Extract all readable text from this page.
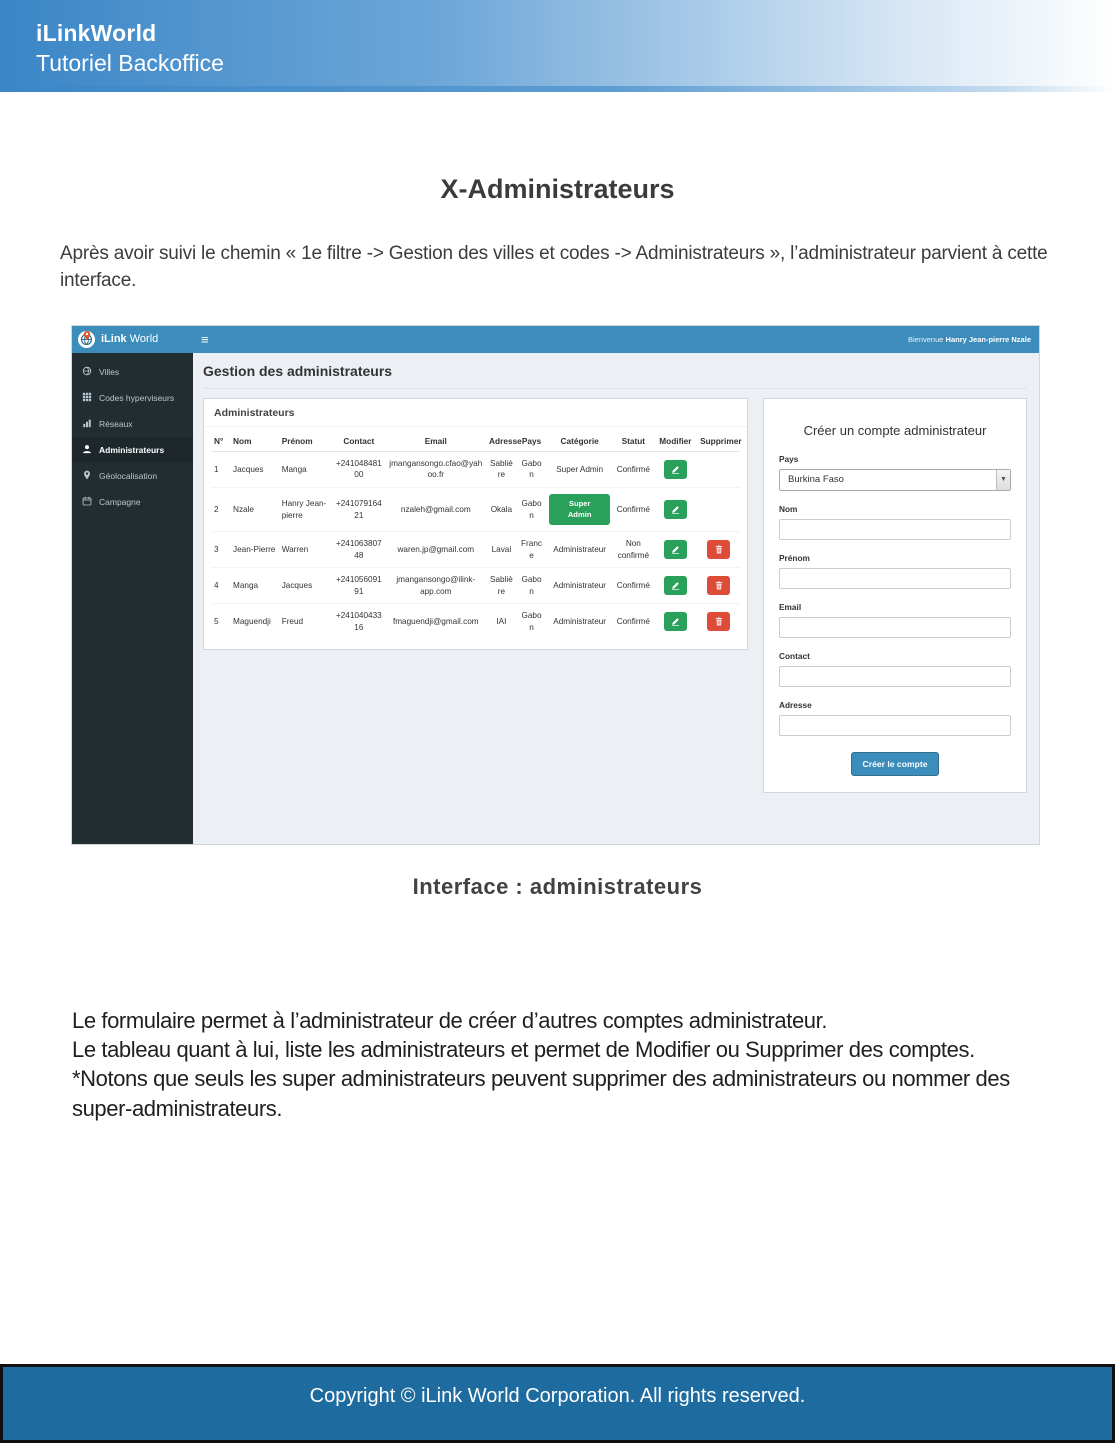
iLinkWorld
Tutoriel Backoffice
X-Administrateurs
Après avoir suivi le chemin « 1e filtre -> Gestion des villes et codes -> Administrateurs », l’administrateur parvient à cette interface.
iLink World	≡	Bienvenue Hanry Jean-pierre Nzale
Villes
Codes hyperviseurs
Réseaux
Administrateurs
Géolocalisation
Campagne
Gestion des administrateurs
Administrateurs
N°	Nom	Prénom	Contact	Email	Adresse	Pays	Catégorie	Statut	Modifier	Supprimer
1	Jacques	Manga	+24104848100	jmangansongo.cfao@yahoo.fr	Sablière	Gabon	Super Admin	Confirmé	

2	Nzale	Hanry Jean-pierre	+24107916421	nzaleh@gmail.com	Okala	Gabon	Super Admin	Confirmé	

3	Jean-Pierre	Warren	+24106380748	waren.jp@gmail.com	Laval	France	Administrateur	Non confirmé	

4	Manga	Jacques	+24105609191	jmangansongo@ilink-app.com	Sablière	Gabon	Administrateur	Confirmé	

5	Maguendji	Freud	+24104043316	fmaguendji@gmail.com	IAI	Gabon	Administrateur	Confirmé	

Créer un compte administrateur
Pays
Burkina Faso	▼
Nom
Prénom
Email
Contact
Adresse
Créer le compte
Interface : administrateurs
Le formulaire permet à l’administrateur de créer d’autres comptes administrateur.
Le tableau quant à lui, liste les administrateurs et permet de Modifier ou Supprimer des comptes.
*Notons que seuls les super administrateurs peuvent supprimer des administrateurs ou nommer des super-administrateurs.
Copyright © iLink World Corporation. All rights reserved.
